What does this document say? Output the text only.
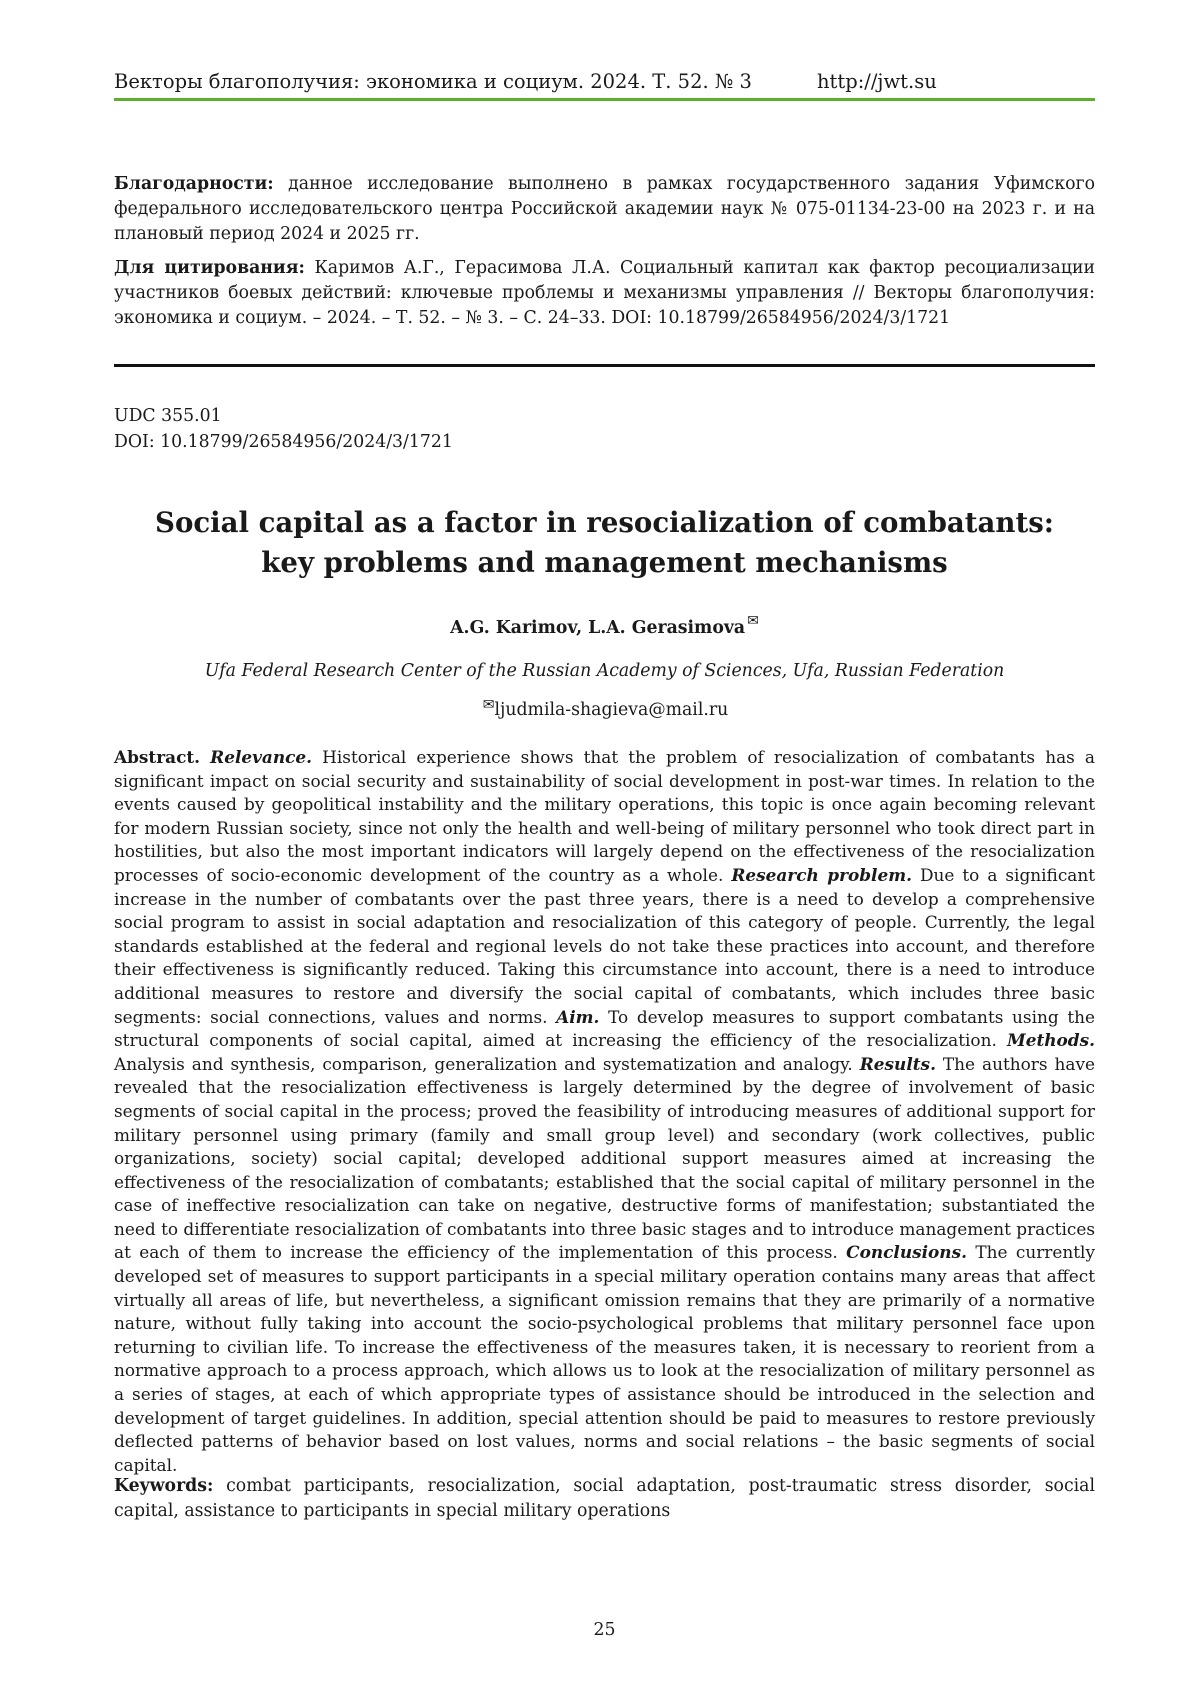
Векторы благополучия: экономика и социум. 2024. Т. 52. № 3	http://jwt.su
Благодарности: данное исследование выполнено в рамках государственного задания Уфимского федерального исследовательского центра Российской академии наук № 075-01134-23-00 на 2023 г. и на плановый период 2024 и 2025 гг.
Для цитирования: Каримов А.Г., Герасимова Л.А. Социальный капитал как фактор ресоциализации участников боевых действий: ключевые проблемы и механизмы управления // Векторы благополучия: экономика и социум. – 2024. – Т. 52. – № 3. – С. 24–33. DOI: 10.18799/26584956/2024/3/1721
UDC 355.01
DOI: 10.18799/26584956/2024/3/1721
Social capital as a factor in resocialization of combatants:
key problems and management mechanisms
A.G. Karimov, L.A. Gerasimova ✉
Ufa Federal Research Center of the Russian Academy of Sciences, Ufa, Russian Federation
✉ljudmila-shagieva@mail.ru
Abstract. Relevance. Historical experience shows that the problem of resocialization of combatants has a significant impact on social security and sustainability of social development in post-war times. In relation to the events caused by geopolitical instability and the military operations, this topic is once again becoming relevant for modern Russian society, since not only the health and well-being of military personnel who took direct part in hostilities, but also the most important indicators will largely depend on the effectiveness of the resocialization processes of socio-economic development of the country as a whole. Research problem. Due to a significant increase in the number of combatants over the past three years, there is a need to develop a comprehensive social program to assist in social adaptation and resocialization of this category of people. Currently, the legal standards established at the federal and regional levels do not take these practices into account, and therefore their effectiveness is significantly reduced. Taking this circumstance into account, there is a need to introduce additional measures to restore and diversify the social capital of combatants, which includes three basic segments: social connections, values and norms. Aim. To develop measures to support combatants using the structural components of social capital, aimed at increasing the efficiency of the resocialization. Methods. Analysis and synthesis, comparison, generalization and systematization and analogy. Results. The authors have revealed that the resocialization effectiveness is largely determined by the degree of involvement of basic segments of social capital in the process; proved the feasibility of introducing measures of additional support for military personnel using primary (family and small group level) and secondary (work collectives, public organizations, society) social capital; developed additional support measures aimed at increasing the effectiveness of the resocialization of combatants; established that the social capital of military personnel in the case of ineffective resocialization can take on negative, destructive forms of manifestation; substantiated the need to differentiate resocialization of combatants into three basic stages and to introduce management practices at each of them to increase the efficiency of the implementation of this process. Conclusions. The currently developed set of measures to support participants in a special military operation contains many areas that affect virtually all areas of life, but nevertheless, a significant omission remains that they are primarily of a normative nature, without fully taking into account the socio-psychological problems that military personnel face upon returning to civilian life. To increase the effectiveness of the measures taken, it is necessary to reorient from a normative approach to a process approach, which allows us to look at the resocialization of military personnel as a series of stages, at each of which appropriate types of assistance should be introduced in the selection and development of target guidelines. In addition, special attention should be paid to measures to restore previously deflected patterns of behavior based on lost values, norms and social relations – the basic segments of social capital.
Keywords: combat participants, resocialization, social adaptation, post-traumatic stress disorder, social capital, assistance to participants in special military operations
25
